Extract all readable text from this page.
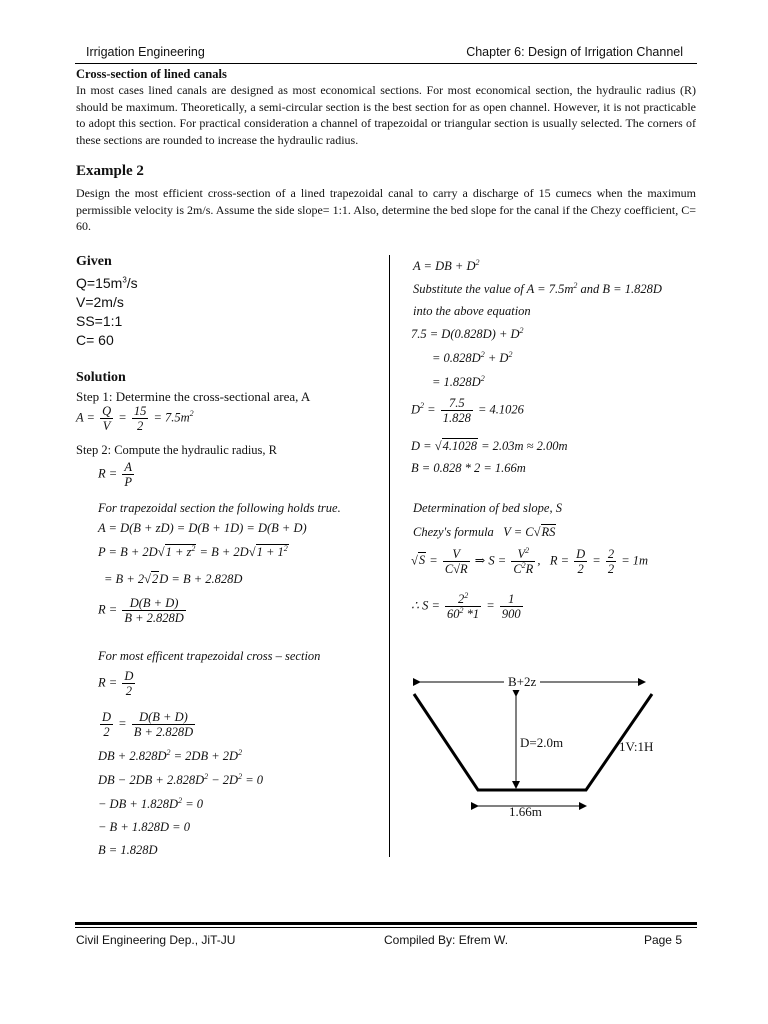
Irrigation Engineering	Chapter 6: Design of Irrigation Channel
Cross-section of lined canals
In most cases lined canals are designed as most economical sections. For most economical section, the hydraulic radius (R) should be maximum. Theoretically, a semi-circular section is the best section for as open channel. However, it is not practicable to adopt this section. For practical consideration a channel of trapezoidal or triangular section is usually selected. The corners of these sections are rounded to increase the hydraulic radius.
Example 2
Design the most efficient cross-section of a lined trapezoidal canal to carry a discharge of 15 cumecs when the maximum permissible velocity is 2m/s. Assume the side slope= 1:1. Also, determine the bed slope for the canal if the Chezy coefficient, C= 60.
Given
$Q=15m^3/s$
V=2m/s
SS=1:1
C= 60
Solution
Step 1: Determine the cross-sectional area, A
$A = \frac{Q}{V} = \frac{15}{2} = 7.5m^2$
Step 2: Compute the hydraulic radius, R
$R = \frac{A}{P}$
For trapezoidal section the following holds true.
A = D(B + zD) = D(B + 1D) = D(B + D)
$P = B + 2D√1 + z^2 = B + 2D√1 + 1^2$
= B + 2√2D = B + 2.828D
$R = \frac{D(B + D)}{B + 2.828D}$
For most efficent trapezoidal cross – section
$R = \frac{D}{2}$
$\frac{D}{2} = \frac{D(B + D)}{B + 2.828D}$
DB + $2.828D^2 = 2DB + 2D^2$
DB − $2DB + 2.828D^2 - 2D^2 = 0$
− DB + $1.828D^2 = 0$
− B + 1.828D = 0
B = 1.828D
A = DB + $D^2$
Substitute the value of $A = 7.5m^2$ and B = 1.828D
into the above equation
$7.5 = D(0.828D) + D^2$
= $0.828D^2 + D^2$
= $1.828D^2$
$D^2 = \frac{7.5}{1.828} = 4.1026$
D = √4.1028 = 2.03m ≈ 2.00m
B = 0.828 * 2 = 1.66m
Determination of bed slope, S
Chezy's formula   V = C√RS
$√S = \frac{V}{C√R}$ ⇒ $S = \frac{V^2}{C^2R}$ ,   $R = \frac{D}{2} = \frac{2}{2} = 1m$
∴ $S = \frac{2^2}{60^2 *1} = \frac{1}{900}$
B+2z
D=2.0m	1V:1H
1.66m
Civil Engineering Dep., JiT-JU	Compiled By: Efrem W.	Page 5
